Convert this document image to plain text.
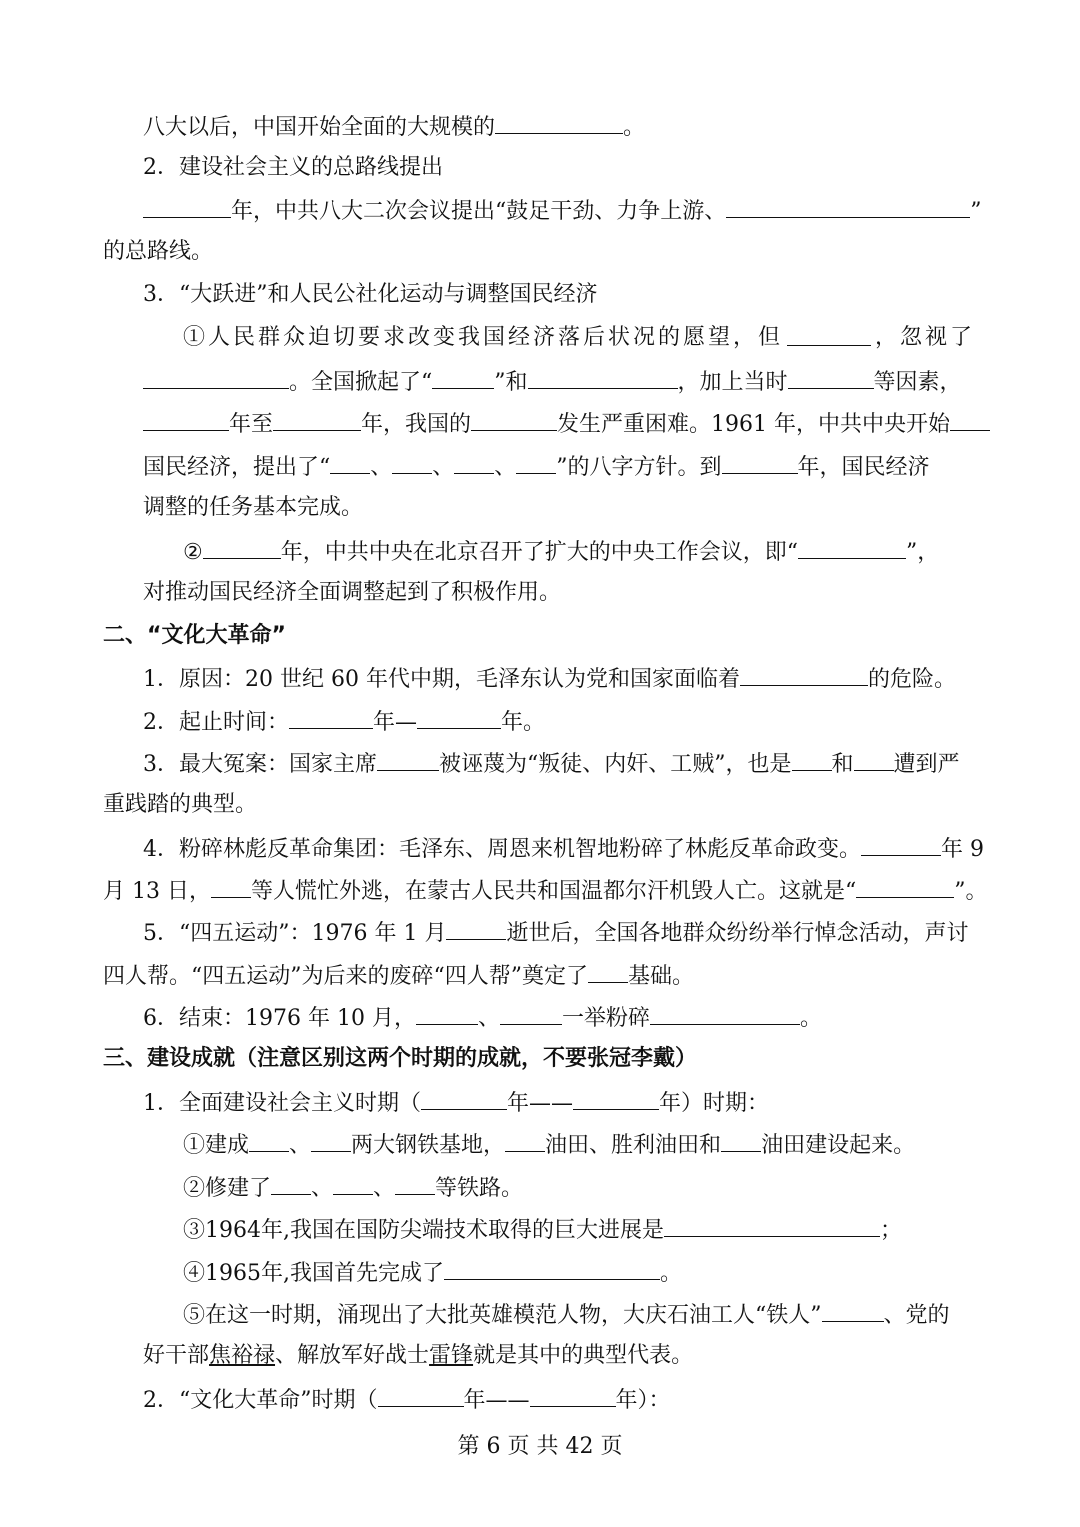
八大以后，中国开始全面的大规模的	。
2．建设社会主义的总路线提出
年，中共八大二次会议提出“鼓足干劲、力争上游、	”
的总路线。
3．“大跃进”和人民公社化运动与调整国民经济
①人民群众迫切要求改变我国经济落后状况的愿望，但	，忽视了
。全国掀起了“	”和	，加上当时	等因素，
年至	年，我国的	发生严重困难。1961 年，中共中央开始
国民经济，提出了“ 、 、 、 ”的八字方针。到	年，国民经济
调整的任务基本完成。
②	年，中共中央在北京召开了扩大的中央工作会议，即“	”，
对推动国民经济全面调整起到了积极作用。
二、“文化大革命”
1．原因：20 世纪 60 年代中期，毛泽东认为党和国家面临着	的危险。
2．起止时间：	年—	年。
3．最大冤案：国家主席	被诬蔑为“叛徒、内奸、工贼”，也是 和 遭到严
重践踏的典型。
4．粉碎林彪反革命集团：毛泽东、周恩来机智地粉碎了林彪反革命政变。	年 9
月 13 日， 等人慌忙外逃，在蒙古人民共和国温都尔汗机毁人亡。这就是“	”。
5．“四五运动”：1976 年 1 月	逝世后，全国各地群众纷纷举行悼念活动，声讨
四人帮。“四五运动”为后来的废碎“四人帮”奠定了 基础。
6．结束：1976 年 10 月，	、	一举粉碎	。
三、建设成就（注意区别这两个时期的成就，不要张冠李戴）
1．全面建设社会主义时期（	年——	年）时期：
①建成 、 两大钢铁基地， 油田、胜利油田和 油田建设起来。
②修建了 、 、 等铁路。
③1964年,我国在国防尖端技术取得的巨大进展是	；
④1965年,我国首先完成了	。
⑤在这一时期，涌现出了大批英雄模范人物，大庆石油工人“铁人”	、党的
好干部焦裕禄、解放军好战士雷锋就是其中的典型代表。
2．“文化大革命”时期（	年——	年）：
第 6 页 共 42 页
